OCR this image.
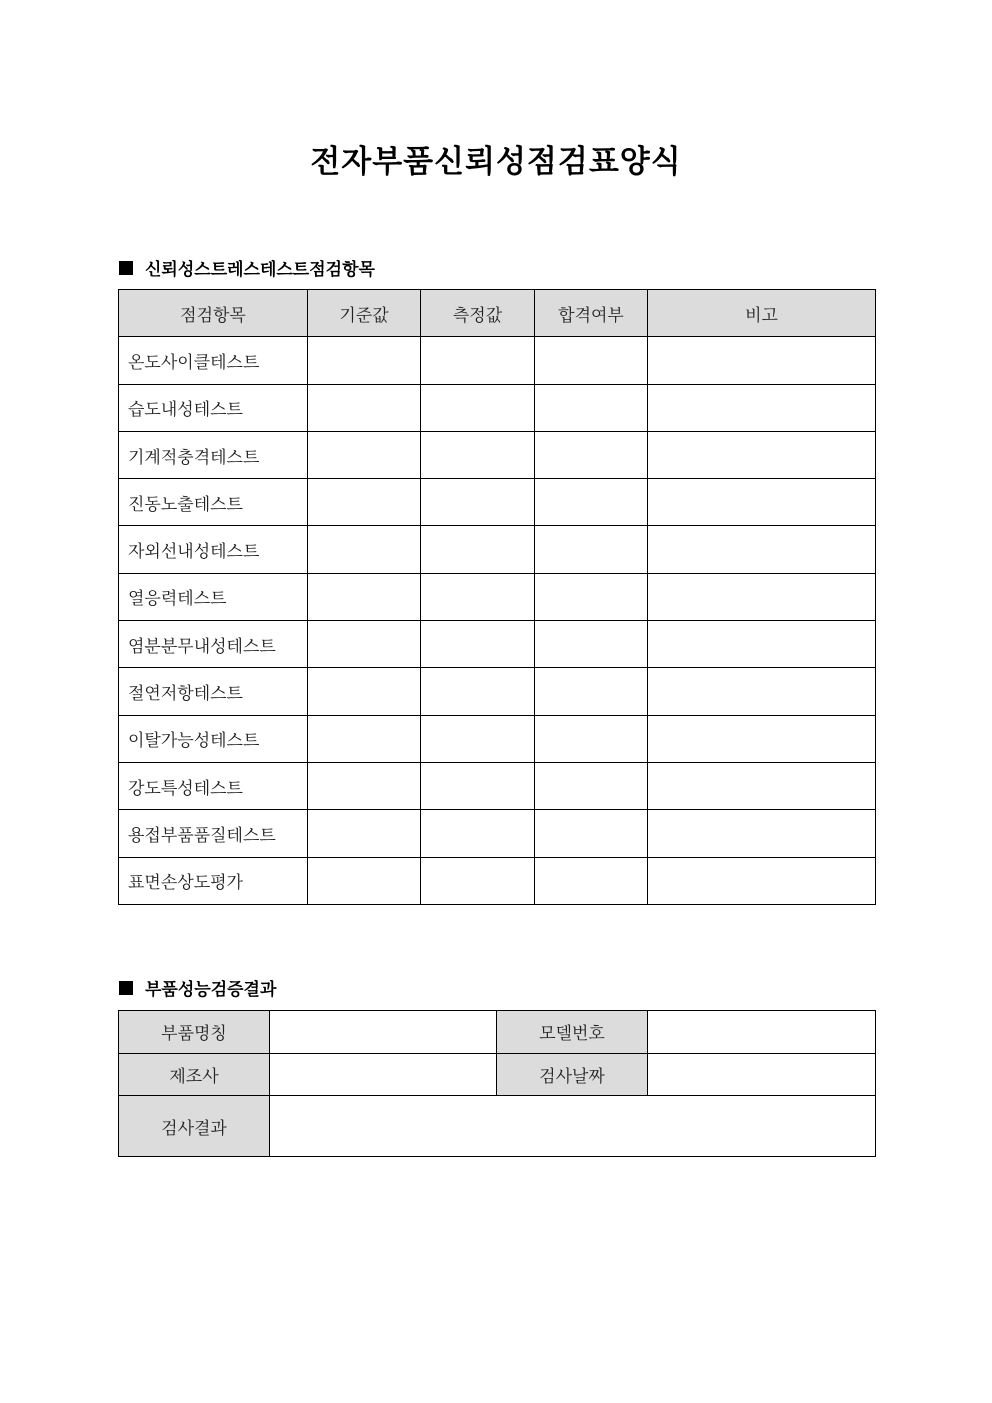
전자부품신뢰성점검표양식
신뢰성스트레스테스트점검항목
점검항목	기준값	측정값	합격여부	비고
온도사이클테스트				
습도내성테스트				
기계적충격테스트				
진동노출테스트				
자외선내성테스트				
열응력테스트				
염분분무내성테스트				
절연저항테스트				
이탈가능성테스트				
강도특성테스트				
용접부품품질테스트				
표면손상도평가				
부품성능검증결과
부품명칭		모델번호	
제조사		검사날짜	
검사결과			
